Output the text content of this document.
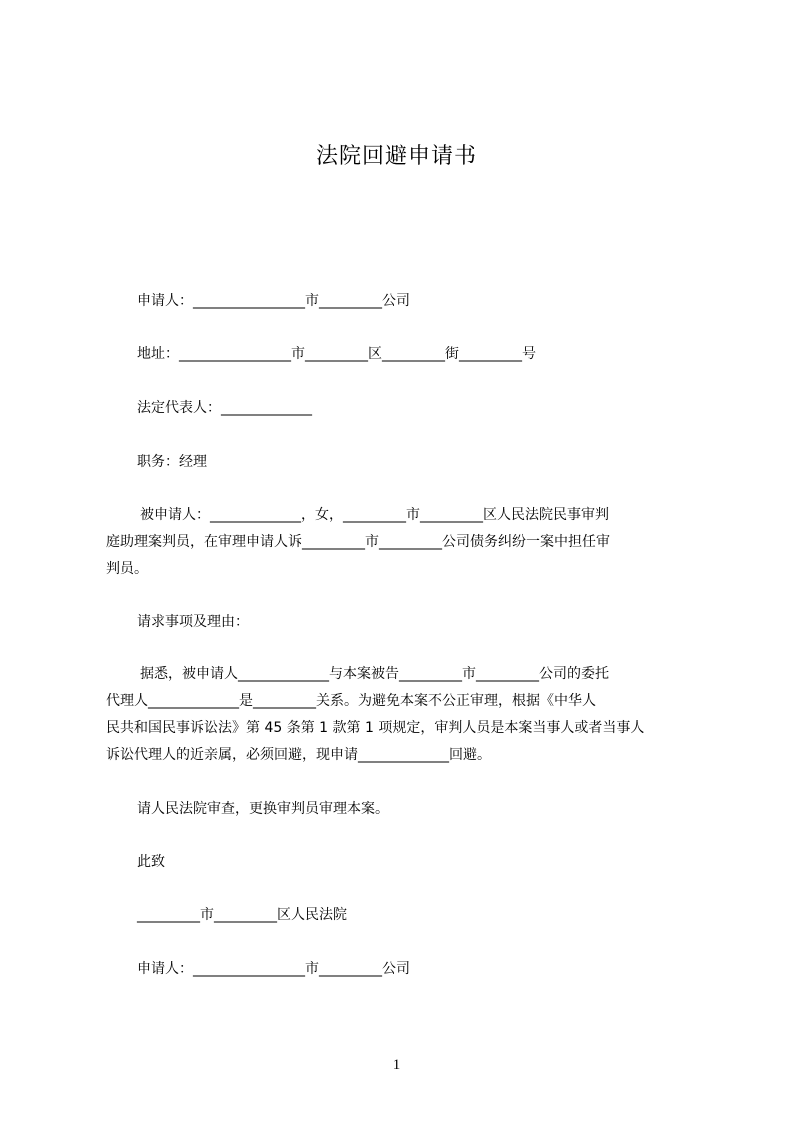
法院回避申请书
申请人：________________市_________公司
地址：________________市_________区_________街_________号
法定代表人：_____________
职务：经理
被申请人：_____________，女，_________市_________区人民法院民事审判
庭助理案判员，在审理申请人诉_________市_________公司债务纠纷一案中担任审
判员。
请求事项及理由：
据悉，被申请人_____________与本案被告_________市_________公司的委托
代理人_____________是_________关系。为避免本案不公正审理，根据《中华人
民共和国民事诉讼法》第 45 条第 1 款第 1 项规定，审判人员是本案当事人或者当事人
诉讼代理人的近亲属，必须回避，现申请_____________回避。
请人民法院审查，更换审判员审理本案。
此致
_________市_________区人民法院
申请人：________________市_________公司
1
